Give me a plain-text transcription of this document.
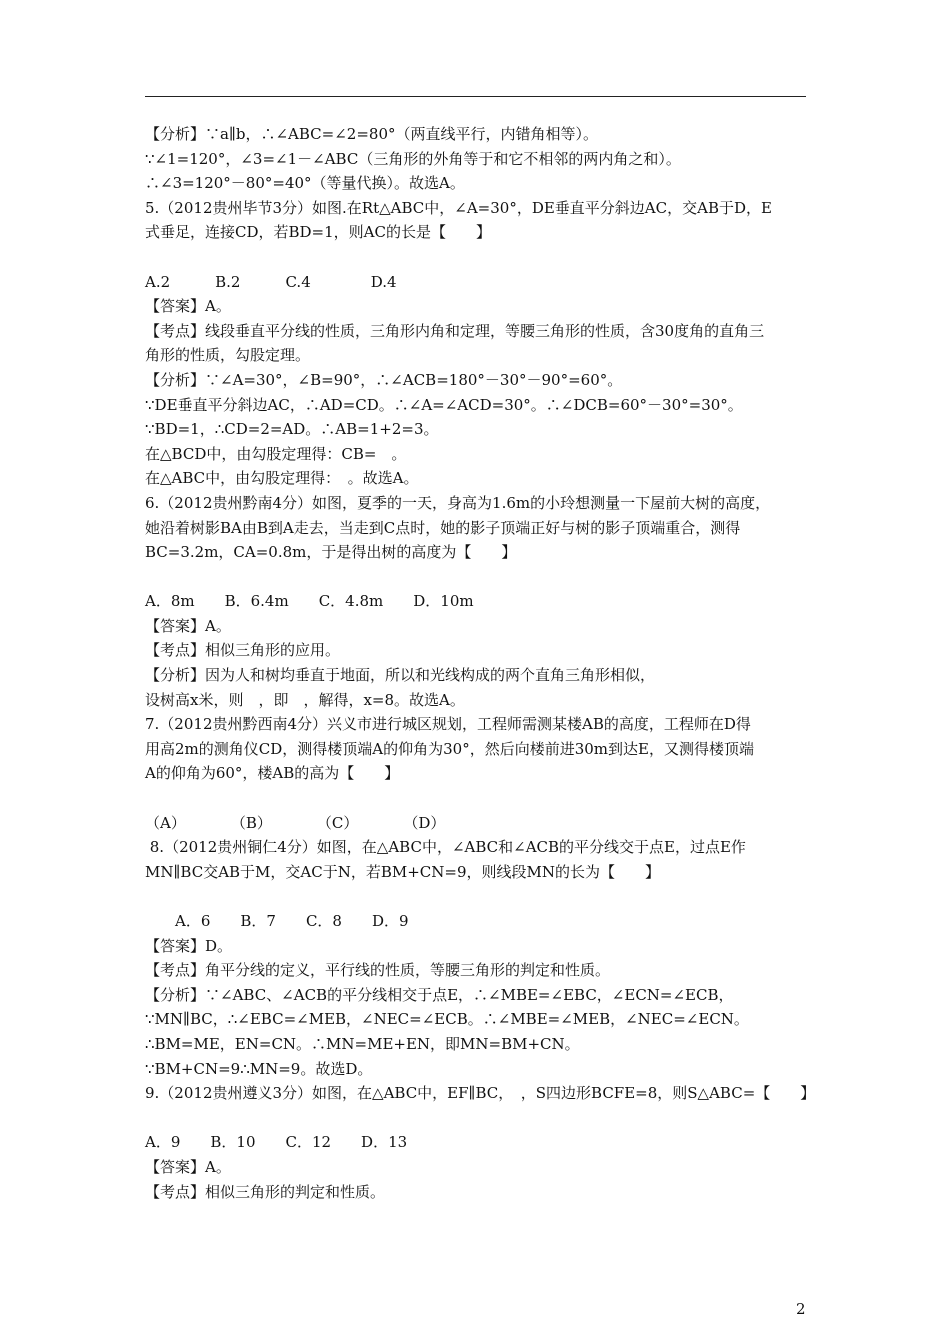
【分析】∵a∥b，∴∠ABC=∠2=80°（两直线平行，内错角相等）。
∵∠1=120°，∠3=∠1－∠ABC（三角形的外角等于和它不相邻的两内角之和）。
∴∠3=120°－80°=40°（等量代换）。故选A。
5.（2012贵州毕节3分）如图.在Rt△ABC中，∠A=30°，DE垂直平分斜边AC，交AB于D，E
式垂足，连接CD，若BD=1，则AC的长是【　　】
A.2　　　B.2　　　C.4　　　　D.4
【答案】A。
【考点】线段垂直平分线的性质，三角形内角和定理，等腰三角形的性质，含30度角的直角三
角形的性质，勾股定理。
【分析】∵∠A=30°，∠B=90°，∴∠ACB=180°－30°－90°=60°。
∵DE垂直平分斜边AC，∴AD=CD。∴∠A=∠ACD=30°。∴∠DCB=60°－30°=30°。
∵BD=1，∴CD=2=AD。∴AB=1+2=3。
在△BCD中，由勾股定理得：CB=　。
在△ABC中，由勾股定理得：　。故选A。
6.（2012贵州黔南4分）如图，夏季的一天，身高为1.6m的小玲想测量一下屋前大树的高度，
她沿着树影BA由B到A走去，当走到C点时，她的影子顶端正好与树的影子顶端重合，测得
BC=3.2m，CA=0.8m，于是得出树的高度为【　　】
A．8m　　B．6.4m　　C．4.8m　　D．10m
【答案】A。
【考点】相似三角形的应用。
【分析】因为人和树均垂直于地面，所以和光线构成的两个直角三角形相似，
设树高x米，则　，即　，解得，x=8。故选A。
7.（2012贵州黔西南4分）兴义市进行城区规划，工程师需测某楼AB的高度，工程师在D得
用高2m的测角仪CD，测得楼顶端A的仰角为30°，然后向楼前进30m到达E，又测得楼顶端
A的仰角为60°，楼AB的高为【　　】
（A）　　　　（B）　　　　（C）　　　　（D）
8.（2012贵州铜仁4分）如图，在△ABC中，∠ABC和∠ACB的平分线交于点E，过点E作
MN∥BC交AB于M，交AC于N，若BM+CN=9，则线段MN的长为【　　】
　　A．6　　B．7　　C．8　　D．9
【答案】D。
【考点】角平分线的定义，平行线的性质，等腰三角形的判定和性质。
【分析】∵∠ABC、∠ACB的平分线相交于点E，∴∠MBE=∠EBC，∠ECN=∠ECB，
∵MN∥BC，∴∠EBC=∠MEB，∠NEC=∠ECB。∴∠MBE=∠MEB，∠NEC=∠ECN。
∴BM=ME，EN=CN。∴MN=ME+EN，即MN=BM+CN。
∵BM+CN=9∴MN=9。故选D。
9.（2012贵州遵义3分）如图，在△ABC中，EF∥BC，　，S四边形BCFE=8，则S△ABC=【　　】
A．9　　B．10　　C．12　　D．13
【答案】A。
【考点】相似三角形的判定和性质。
2
